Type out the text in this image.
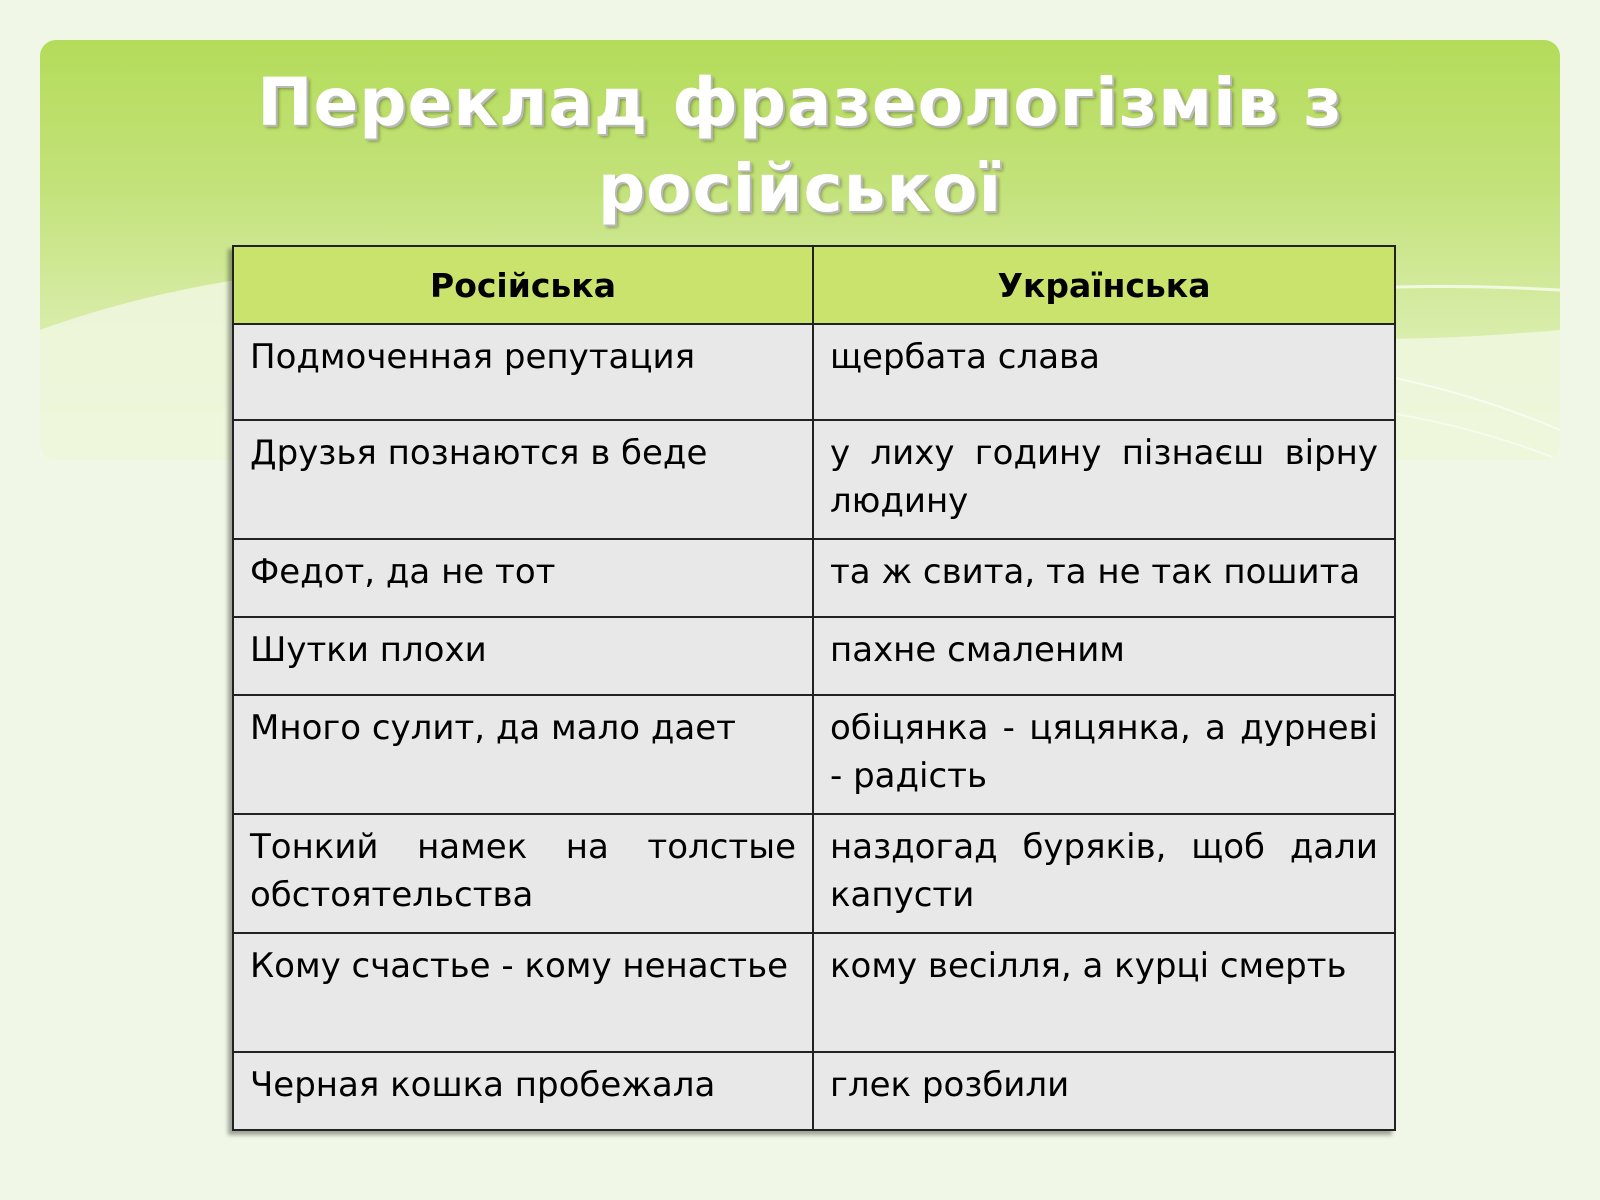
Переклад фразеологізмів з російської
Російська	Українська
Подмоченная репутация	щербата слава
Друзья познаются в беде	у лиху годину пізнаєш вірну людину
Федот, да не тот	та ж свита, та не так пошита
Шутки плохи	пахне смаленим
Много сулит, да мало дает	обіцянка - цяцянка, а дурневі - радість
Тонкий намек на толстые обстоятельства	наздогад буряків, щоб дали капусти
Кому счастье - кому ненастье	кому весілля, а курці смерть
Черная кошка пробежала	глек розбили
